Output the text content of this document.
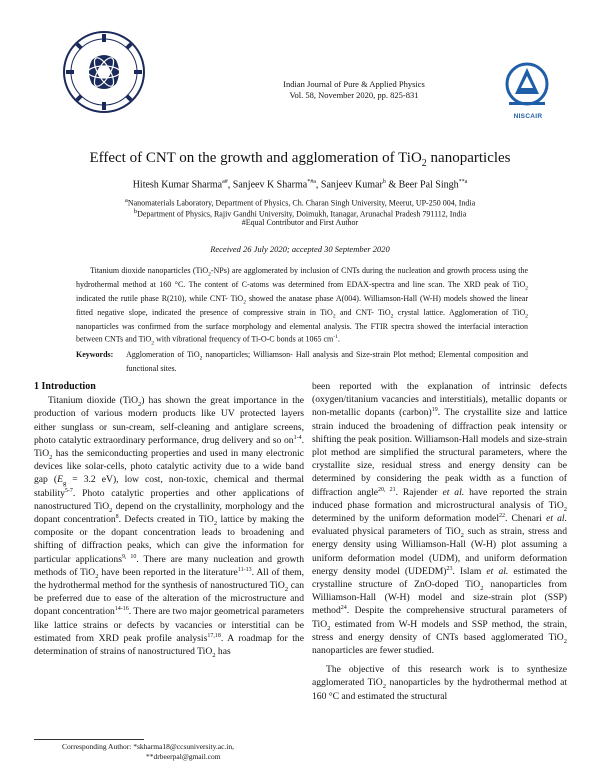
Indian Journal of Pure & Applied Physics
Vol. 58, November 2020, pp. 825-831
NISCAIR
Effect of CNT on the growth and agglomeration of TiO$_2$ nanoparticles
Hitesh Kumar Sharma$^{a\#}$, Sanjeev K Sharma$^{*\#a}$, Sanjeev Kumar$^b$ & Beer Pal Singh$^{**a}$
$^a$Nanomaterials Laboratory, Department of Physics, Ch. Charan Singh University, Meerut, UP-250 004, India
$^b$Department of Physics, Rajiv Gandhi University, Doimukh, Itanagar, Arunachal Pradesh 791112, India
#Equal Contributor and First Author
Received 26 July 2020; accepted 30 September 2020
Titanium dioxide nanoparticles (TiO$_2$-NPs) are agglomerated by inclusion of CNTs during the nucleation and growth process using the hydrothermal method at 160 °C. The content of C-atoms was determined from EDAX-spectra and line scan. The XRD peak of TiO$_2$ indicated the rutile phase R(210), while CNT- TiO$_2$ showed the anatase phase A(004). Williamson-Hall (W-H) models showed the linear fitted negative slope, indicated the presence of compressive strain in TiO$_2$ and CNT- TiO$_2$ crystal lattice. Agglomeration of TiO$_2$ nanoparticles was confirmed from the surface morphology and elemental analysis. The FTIR spectra showed the interfacial interaction between CNTs and TiO$_2$ with vibrational frequency of Ti-O-C bonds at 1065 $cm^{-1}$.
Keywords:	Agglomeration of TiO$_2$ nanoparticles; Williamson- Hall analysis and Size-strain Plot method; Elemental composition and functional sites.
1 Introduction

Titanium dioxide (TiO$_2$) has shown the great importance in the production of various modern products like UV protected layers either sunglass or sun-cream, self-cleaning and antiglare screens, photo catalytic extraordinary performance, drug delivery and so $on^{1-4}$. TiO$_2$ has the semiconducting properties and used in many electronic devices like solar-cells, photo catalytic activity due to a wide band gap ($E_g = 3.2$ eV), low cost, non-toxic, chemical and thermal stability$^{5-7}$. Photo catalytic properties and other applications of nanostructured TiO$_2$ depend on the crystallinity, morphology and the dopant concentration$^8$. Defects created in TiO$_2$ lattice by making the composite or the dopant concentration leads to broadening and shifting of diffraction peaks, which can give the information for particular applications$^{9, 10}$. There are many nucleation and growth methods of TiO$_2$ have been reported in the literature$^{11-13}$. All of them, the hydrothermal method for the synthesis of nanostructured TiO$_2$ can be preferred due to ease of the alteration of the microstructure and dopant concentration$^{14-16}$. There are two major geometrical parameters like lattice strains or defects by vacancies or interstitial can be estimated from XRD peak profile analysis$^{17,18}$. A roadmap for the determination of strains of nanostructured TiO$_2$ has

been reported with the explanation of intrinsic defects (oxygen/titanium vacancies and interstitials), metallic dopants or non-metallic dopants (carbon)$^{19}$. The crystallite size and lattice strain induced the broadening of diffraction peak intensity or shifting the peak position. Williamson-Hall models and size-strain plot method are simplified the structural parameters, where the crystallite size, residual stress and energy density can be determined by considering the peak width as a function of diffraction angle$^{20, 21}$. Rajender et al. have reported the strain induced phase formation and microstructural analysis of TiO$_2$ determined by the uniform deformation model$^{22}$. Chenari et al. evaluated physical parameters of TiO$_2$ such as strain, stress and energy density using Williamson-Hall (W-H) plot assuming a uniform deformation model (UDM), and uniform deformation energy density model (UDEDM)$^{23}$. Islam et al. estimated the crystalline structure of ZnO-doped TiO$_2$ nanoparticles from Williamson-Hall (W-H) model and size-strain plot (SSP) method$^{24}$. Despite the comprehensive structural parameters of TiO$_2$ estimated from W-H models and SSP method, the strain, stress and energy density of CNTs based agglomerated TiO$_2$ nanoparticles are fewer studied.

The objective of this research work is to synthesize agglomerated TiO$_2$ nanoparticles by the hydrothermal method at 160 °C and estimated the structural

Corresponding Author: *skharma18@ccsuniversity.ac.in,
**drbeerpal@gmail.com
